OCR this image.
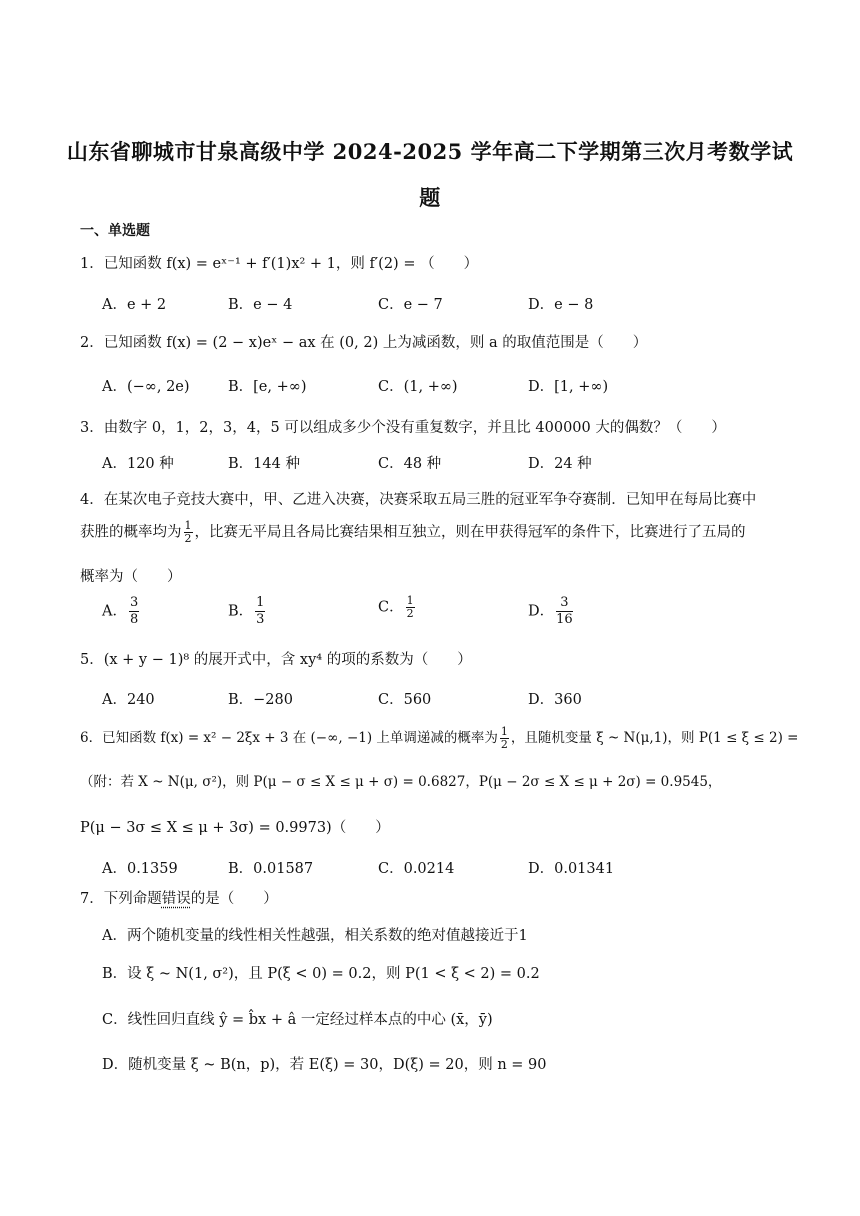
山东省聊城市甘泉高级中学 2024-2025 学年高二下学期第三次月考数学试
题
一、单选题
1．已知函数 f(x) = eˣ⁻¹ + f′(1)x² + 1，则 f′(2) = （　　）
A．e + 2	B．e − 4	C．e − 7	D．e − 8
2．已知函数 f(x) = (2 − x)eˣ − ax 在 (0, 2) 上为减函数，则 a 的取值范围是（　　）
A．(−∞, 2e)	B．[e, +∞)	C．(1, +∞)	D．[1, +∞)
3．由数字 0，1，2，3，4，5 可以组成多少个没有重复数字，并且比 400000 大的偶数？（　　）
A．120 种	B．144 种	C．48 种	D．24 种
4．在某次电子竞技大赛中，甲、乙进入决赛，决赛采取五局三胜的冠亚军争夺赛制．已知甲在每局比赛中
获胜的概率均为 $\frac{1}{2}$ ，比赛无平局且各局比赛结果相互独立，则在甲获得冠军的条件下，比赛进行了五局的
概率为（　　）
A． $\frac{3}{8}$	B． $\frac{1}{3}$	C． $\frac{1}{2}$	D． $\frac{3}{16}$
5．(x + y − 1)⁸ 的展开式中，含 xy⁴ 的项的系数为（　　）
A．240	B．−280	C．560	D．360
6．已知函数 f(x) = x² − 2ξx + 3 在 (−∞, −1) 上单调递减的概率为 $\frac{1}{2}$ ，且随机变量 ξ ~ N(μ,1)，则 P(1 ≤ ξ ≤ 2) =
（附：若 X ~ N(μ, σ²)，则 P(μ − σ ≤ X ≤ μ + σ) = 0.6827，P(μ − 2σ ≤ X ≤ μ + 2σ) = 0.9545，
P(μ − 3σ ≤ X ≤ μ + 3σ) = 0.9973)（　　）
A．0.1359	B．0.01587	C．0.0214	D．0.01341
7．下列命题错误的是（　　）
A．两个随机变量的线性相关性越强，相关系数的绝对值越接近于1
B．设 ξ ~ N(1, σ²)，且 P(ξ < 0) = 0.2，则 P(1 < ξ < 2) = 0.2
C．线性回归直线 ŷ = b̂x + â 一定经过样本点的中心 (x̄，ȳ)
D．随机变量 ξ ~ B(n，p)，若 E(ξ) = 30，D(ξ) = 20，则 n = 90
